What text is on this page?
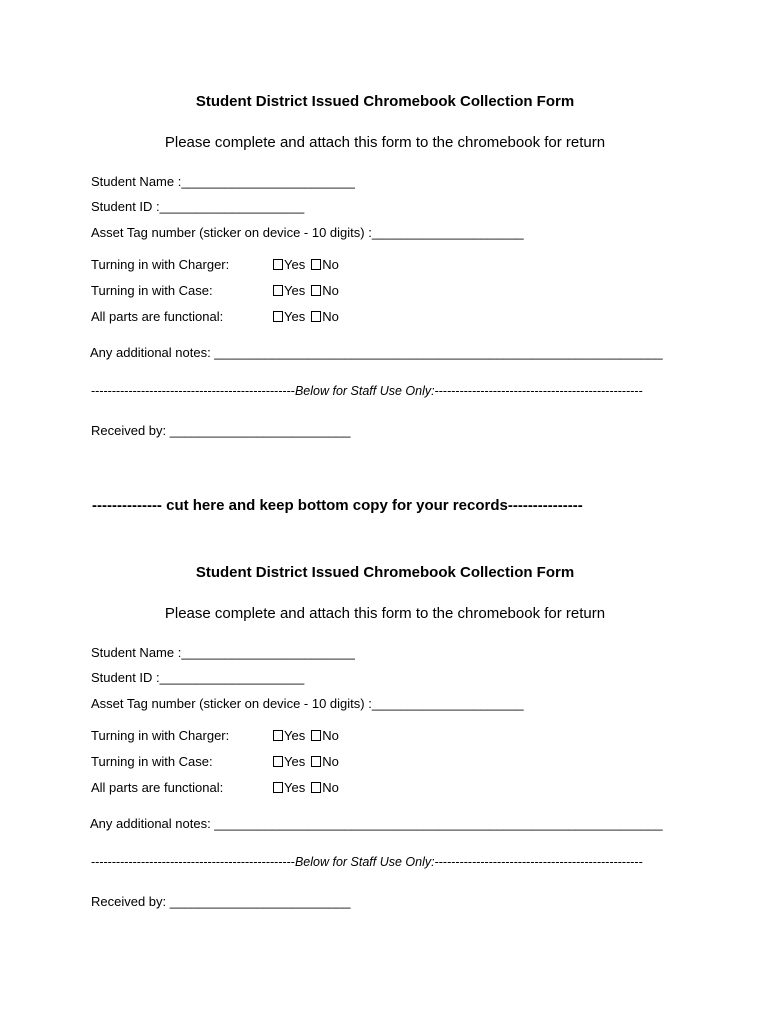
Student District Issued Chromebook Collection Form
Please complete and attach this form to the chromebook for return
Student Name :________________________
Student ID :____________________
Asset Tag number (sticker on device - 10 digits) :_____________________
Turning in with Charger:	Yes No
Turning in with Case:	Yes No
All parts are functional:	Yes No
Any additional notes: ______________________________________________________________
-------------------------------------------------Below for Staff Use Only:--------------------------------------------------
Received by: _________________________
-------------- cut here and keep bottom copy for your records---------------
Student District Issued Chromebook Collection Form
Please complete and attach this form to the chromebook for return
Student Name :________________________
Student ID :____________________
Asset Tag number (sticker on device - 10 digits) :_____________________
Turning in with Charger:	Yes No
Turning in with Case:	Yes No
All parts are functional:	Yes No
Any additional notes: ______________________________________________________________
-------------------------------------------------Below for Staff Use Only:--------------------------------------------------
Received by: _________________________
